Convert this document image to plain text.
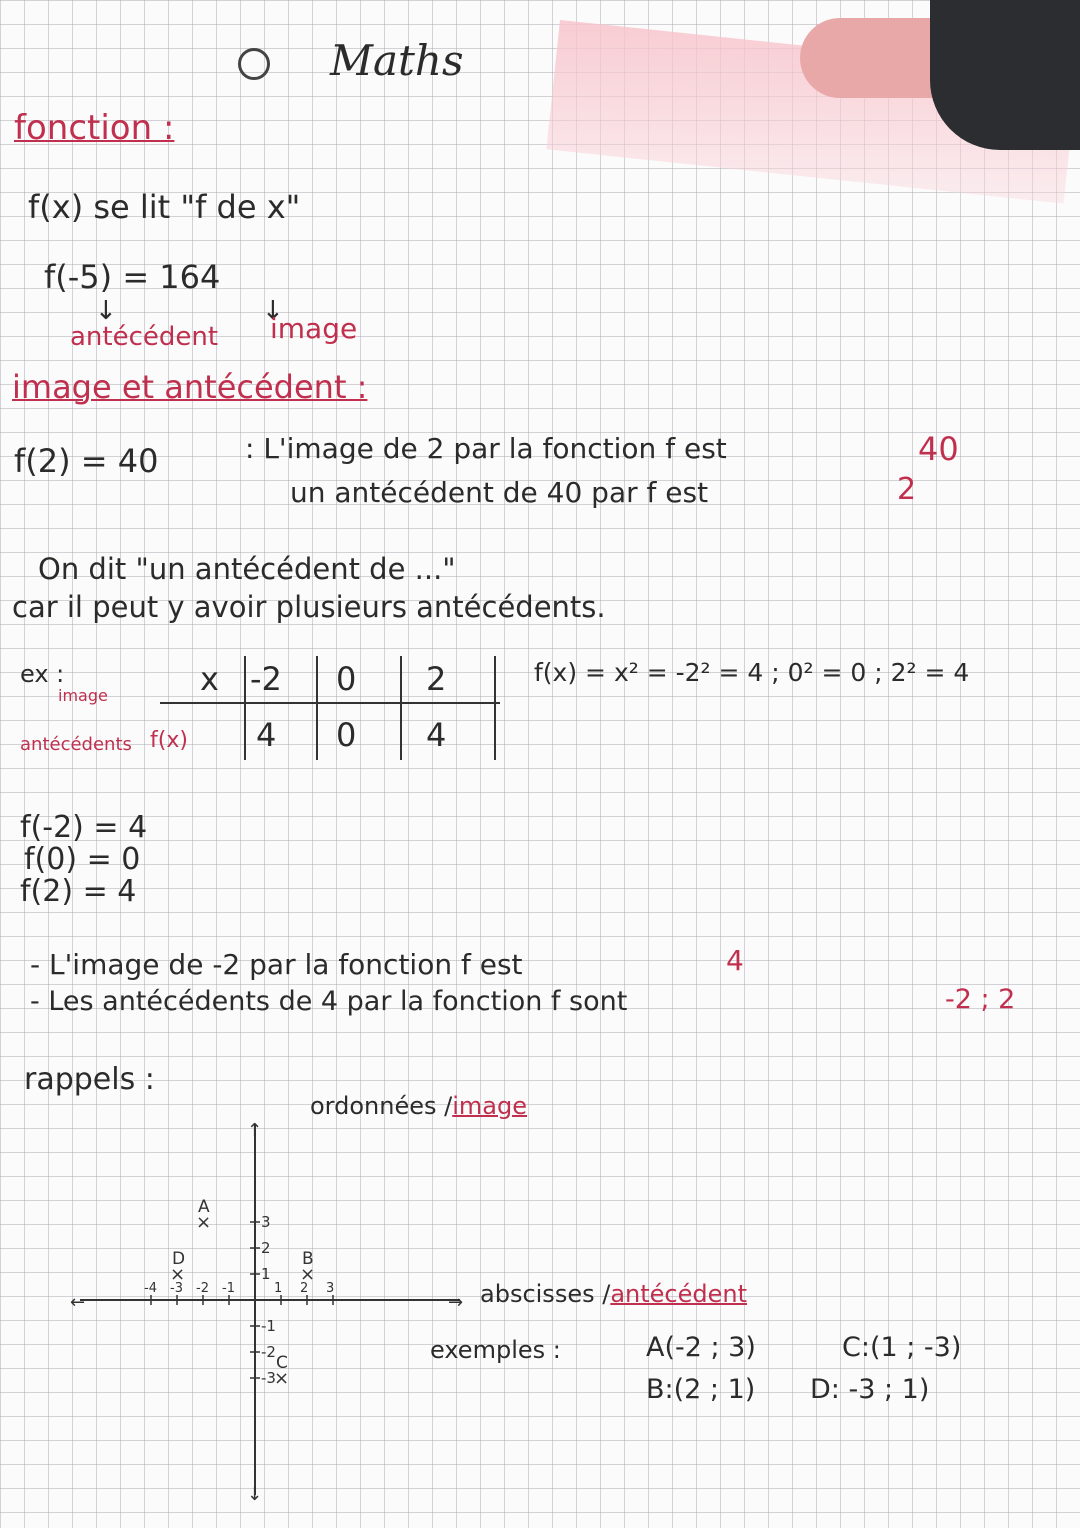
Maths
fonction :
f(x) se lit "f de x"
f(-5) = 164
↓	↓
antécédent image
image et antécédent :
f(2) = 40	: L'image de 2 par la fonction f est	40
un antécédent de 40 par f est	2
On dit "un antécédent de ..."
car il peut y avoir plusieurs antécédents.
ex :
image
antécédents
x -2 0 2
f(x) 4 0 4
f(x) = x² = -2² = 4 ; 0² = 0 ; 2² = 4
f(-2) = 4
f(0) = 0
f(2) = 4
- L'image de -2 par la fonction f est	4
- Les antécédents de 4 par la fonction f sont	-2 ; 2
rappels :
ordonnées /image
abscisses /antécédent
←	→
↑
↓
-4 -3 -2 -1	1 2 3
3
2
1
-1
-2
-3
×
A
×
B
×
C
×
D
exemples :	A(-2 ; 3)	C:(1 ; -3)
B:(2 ; 1) D: -3 ; 1)
